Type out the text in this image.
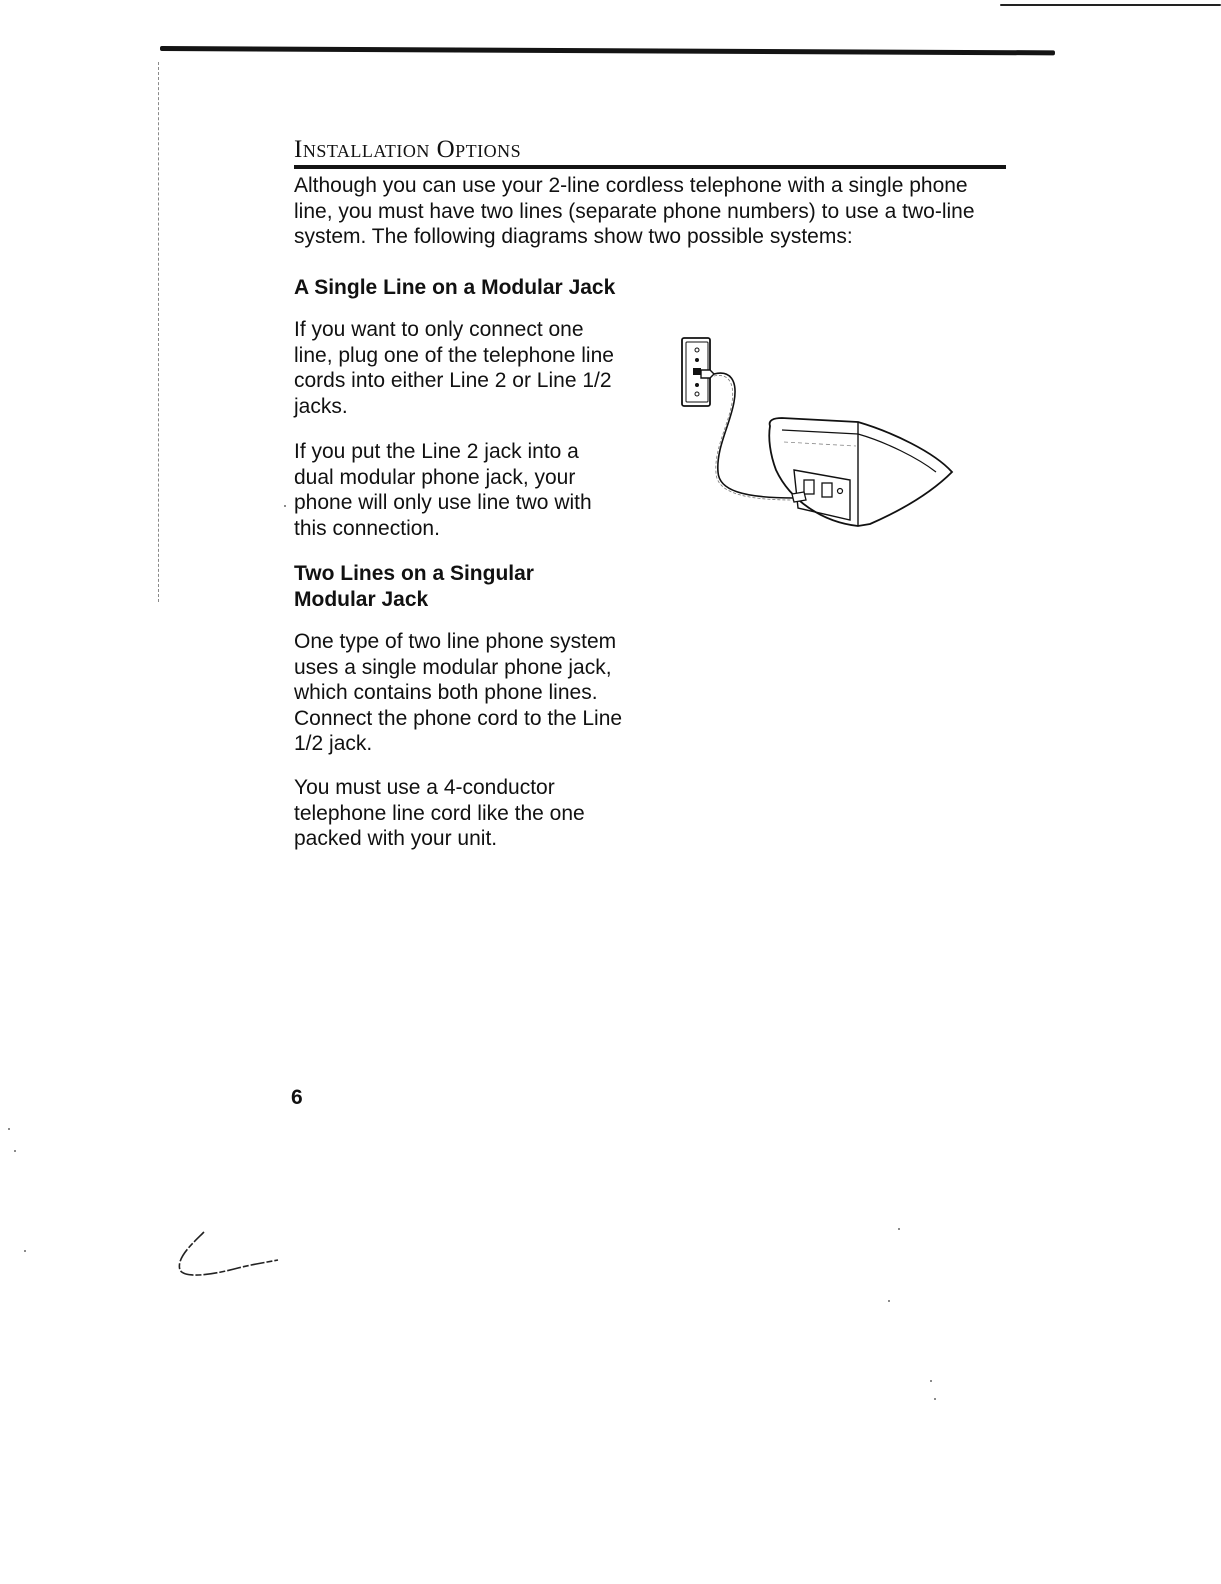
Installation Options

Although you can use your 2-line cordless telephone with a single phone line, you must have two lines (separate phone numbers) to use a two-line system. The following diagrams show two possible systems:

A Single Line on a Modular Jack

If you want to only connect one line, plug one of the telephone line cords into either Line 2 or Line 1/2 jacks.

If you put the Line 2 jack into a dual modular phone jack, your phone will only use line two with this connection.

Two Lines on a Singular Modular Jack

One type of two line phone system uses a single modular phone jack, which contains both phone lines. Connect the phone cord to the Line 1/2 jack.

You must use a 4-conductor telephone line cord like the one packed with your unit.

6
